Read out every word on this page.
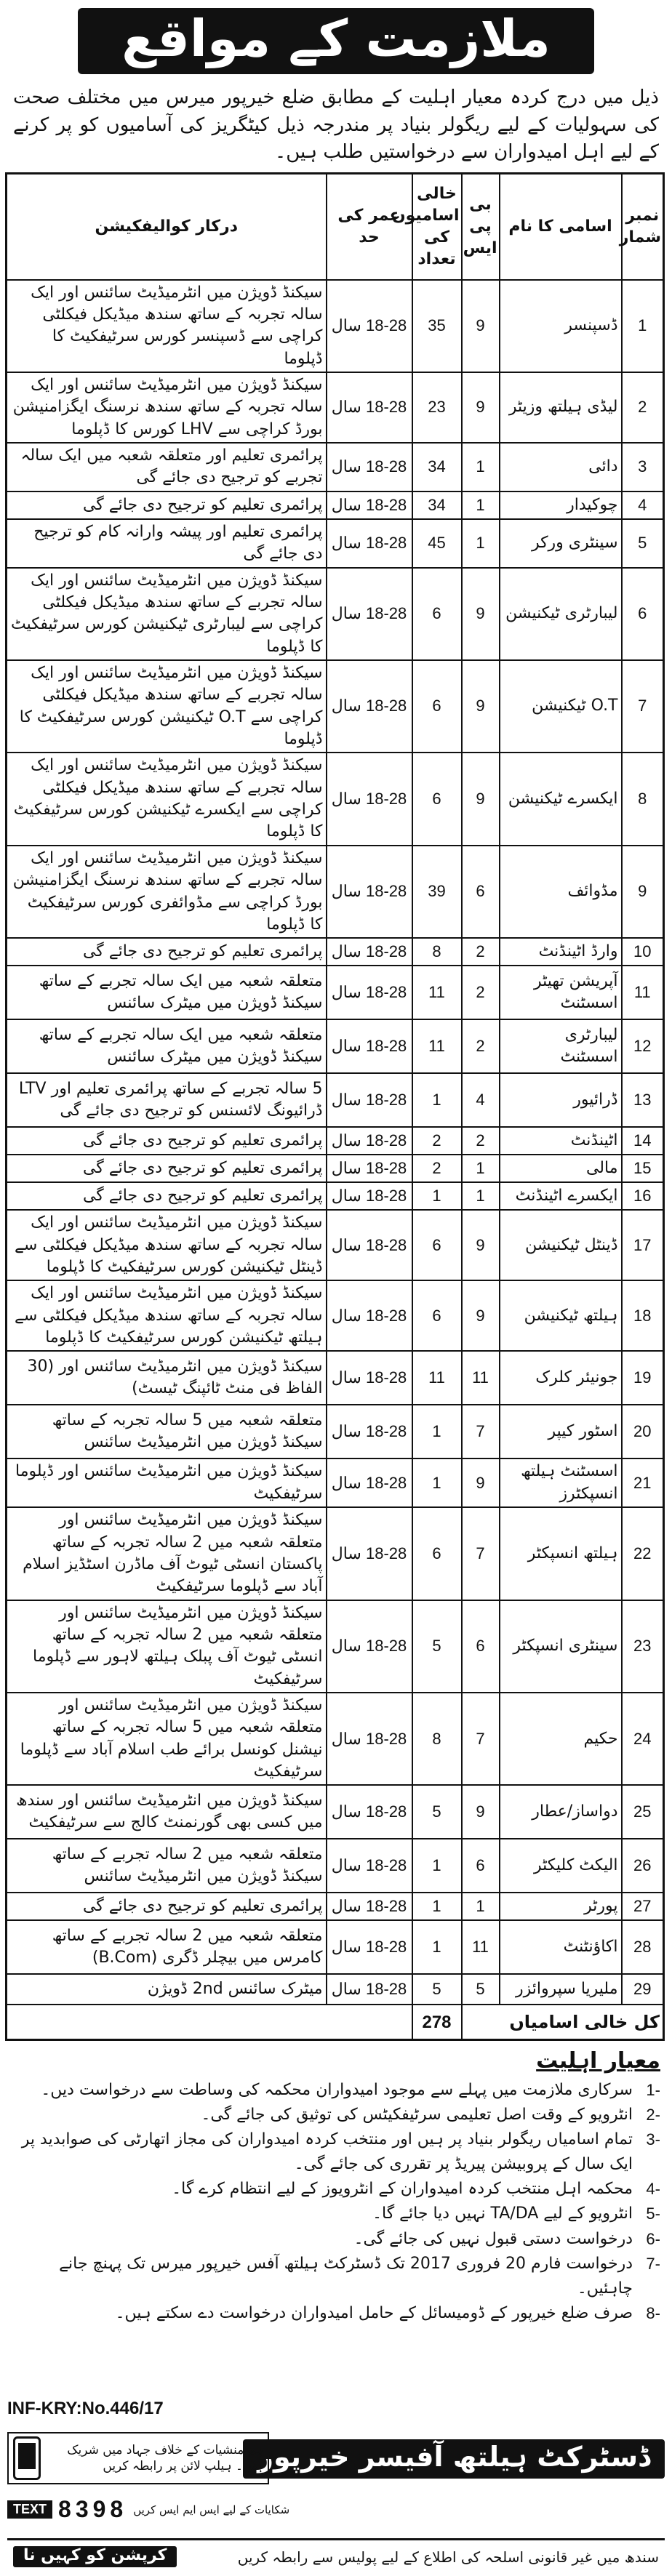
ملازمت کے مواقع

ذیل میں درج کردہ معیار اہلیت کے مطابق ضلع خیرپور میرس میں مختلف صحت کی سہولیات کے لیے ریگولر بنیاد پر مندرجہ ذیل کیٹگریز کی آسامیوں کو پر کرنے کے لیے اہل امیدواران سے درخواستیں طلب ہیں۔

نمبر شمار	اسامی کا نام	بی پی ایس	خالی اسامیوں کی تعداد	عمر کی حد	درکار کوالیفکیشن
1	ڈسپنسر	9	35	18-28 سال	سیکنڈ ڈویژن میں انٹرمیڈیٹ سائنس اور ایک سالہ تجربہ کے ساتھ سندھ میڈیکل فیکلٹی کراچی سے ڈسپنسر کورس سرٹیفکیٹ کا ڈپلوما
2	لیڈی ہیلتھ وزیٹر	9	23	18-28 سال	سیکنڈ ڈویژن میں انٹرمیڈیٹ سائنس اور ایک سالہ تجربہ کے ساتھ سندھ نرسنگ ایگزامنیشن بورڈ کراچی سے LHV کورس کا ڈپلوما
3	دائی	1	34	18-28 سال	پرائمری تعلیم اور متعلقہ شعبہ میں ایک سالہ تجربے کو ترجیح دی جائے گی
4	چوکیدار	1	34	18-28 سال	پرائمری تعلیم کو ترجیح دی جائے گی
5	سینٹری ورکر	1	45	18-28 سال	پرائمری تعلیم اور پیشہ وارانہ کام کو ترجیح دی جائے گی
6	لیبارٹری ٹیکنیشن	9	6	18-28 سال	سیکنڈ ڈویژن میں انٹرمیڈیٹ سائنس اور ایک سالہ تجربے کے ساتھ سندھ میڈیکل فیکلٹی کراچی سے لیبارٹری ٹیکنیشن کورس سرٹیفکیٹ کا ڈپلوما
7	O.T ٹیکنیشن	9	6	18-28 سال	سیکنڈ ڈویژن میں انٹرمیڈیٹ سائنس اور ایک سالہ تجربے کے ساتھ سندھ میڈیکل فیکلٹی کراچی سے O.T ٹیکنیشن کورس سرٹیفکیٹ کا ڈپلوما
8	ایکسرے ٹیکنیشن	9	6	18-28 سال	سیکنڈ ڈویژن میں انٹرمیڈیٹ سائنس اور ایک سالہ تجربے کے ساتھ سندھ میڈیکل فیکلٹی کراچی سے ایکسرے ٹیکنیشن کورس سرٹیفکیٹ کا ڈپلوما
9	مڈوائف	6	39	18-28 سال	سیکنڈ ڈویژن میں انٹرمیڈیٹ سائنس اور ایک سالہ تجربے کے ساتھ سندھ نرسنگ ایگزامنیشن بورڈ کراچی سے مڈوائفری کورس سرٹیفکیٹ کا ڈپلوما
10	وارڈ اٹینڈنٹ	2	8	18-28 سال	پرائمری تعلیم کو ترجیح دی جائے گی
11	آپریشن تھیٹر اسسٹنٹ	2	11	18-28 سال	متعلقہ شعبہ میں ایک سالہ تجربے کے ساتھ سیکنڈ ڈویژن میں میٹرک سائنس
12	لیبارٹری اسسٹنٹ	2	11	18-28 سال	متعلقہ شعبہ میں ایک سالہ تجربے کے ساتھ سیکنڈ ڈویژن میں میٹرک سائنس
13	ڈرائیور	4	1	18-28 سال	5 سالہ تجربے کے ساتھ پرائمری تعلیم اور LTV ڈرائیونگ لائسنس کو ترجیح دی جائے گی
14	اٹینڈنٹ	2	2	18-28 سال	پرائمری تعلیم کو ترجیح دی جائے گی
15	مالی	1	2	18-28 سال	پرائمری تعلیم کو ترجیح دی جائے گی
16	ایکسرے اٹینڈنٹ	1	1	18-28 سال	پرائمری تعلیم کو ترجیح دی جائے گی
17	ڈینٹل ٹیکنیشن	9	6	18-28 سال	سیکنڈ ڈویژن میں انٹرمیڈیٹ سائنس اور ایک سالہ تجربہ کے ساتھ سندھ میڈیکل فیکلٹی سے ڈینٹل ٹیکنیشن کورس سرٹیفکیٹ کا ڈپلوما
18	ہیلتھ ٹیکنیشن	9	6	18-28 سال	سیکنڈ ڈویژن میں انٹرمیڈیٹ سائنس اور ایک سالہ تجربہ کے ساتھ سندھ میڈیکل فیکلٹی سے ہیلتھ ٹیکنیشن کورس سرٹیفکیٹ کا ڈپلوما
19	جونیئر کلرک	11	11	18-28 سال	سیکنڈ ڈویژن میں انٹرمیڈیٹ سائنس اور (30 الفاظ فی منٹ ٹائپنگ ٹیسٹ)
20	اسٹور کیپر	7	1	18-28 سال	متعلقہ شعبہ میں 5 سالہ تجربہ کے ساتھ سیکنڈ ڈویژن میں انٹرمیڈیٹ سائنس
21	اسسٹنٹ ہیلتھ انسپکٹرز	9	1	18-28 سال	سیکنڈ ڈویژن میں انٹرمیڈیٹ سائنس اور ڈپلوما سرٹیفکیٹ
22	ہیلتھ انسپکٹر	7	6	18-28 سال	سیکنڈ ڈویژن میں انٹرمیڈیٹ سائنس اور متعلقہ شعبہ میں 2 سالہ تجربہ کے ساتھ پاکستان انسٹی ٹیوٹ آف ماڈرن اسٹڈیز اسلام آباد سے ڈپلوما سرٹیفکیٹ
23	سینٹری انسپکٹر	6	5	18-28 سال	سیکنڈ ڈویژن میں انٹرمیڈیٹ سائنس اور متعلقہ شعبہ میں 2 سالہ تجربہ کے ساتھ انسٹی ٹیوٹ آف پبلک ہیلتھ لاہور سے ڈپلوما سرٹیفکیٹ
24	حکیم	7	8	18-28 سال	سیکنڈ ڈویژن میں انٹرمیڈیٹ سائنس اور متعلقہ شعبہ میں 5 سالہ تجربہ کے ساتھ نیشنل کونسل برائے طب اسلام آباد سے ڈپلوما سرٹیفکیٹ
25	دواساز/عطار	9	5	18-28 سال	سیکنڈ ڈویژن میں انٹرمیڈیٹ سائنس اور سندھ میں کسی بھی گورنمنٹ کالج سے سرٹیفکیٹ
26	الیکٹ کلیکٹر	6	1	18-28 سال	متعلقہ شعبہ میں 2 سالہ تجربے کے ساتھ سیکنڈ ڈویژن میں انٹرمیڈیٹ سائنس
27	پورٹر	1	1	18-28 سال	پرائمری تعلیم کو ترجیح دی جائے گی
28	اکاؤنٹنٹ	11	1	18-28 سال	متعلقہ شعبہ میں 2 سالہ تجربے کے ساتھ کامرس میں بیچلر ڈگری (B.Com)
29	ملیریا سپروائزر	5	5	18-28 سال	میٹرک سائنس 2nd ڈویژن
کل خالی اسامیاں			278		
معیار اہلیت
-1
سرکاری ملازمت میں پہلے سے موجود امیدواران محکمہ کی وساطت سے درخواست دیں۔
-2
انٹرویو کے وقت اصل تعلیمی سرٹیفکیٹس کی توثیق کی جائے گی۔
-3
تمام اسامیاں ریگولر بنیاد پر ہیں اور منتخب کردہ امیدواران کی مجاز اتھارٹی کی صوابدید پر ایک سال کے پروبیشن پیریڈ پر تقرری کی جائے گی۔
-4
محکمہ اہل منتخب کردہ امیدواران کے انٹرویوز کے لیے انتظام کرے گا۔
-5
انٹرویو کے لیے TA/DA نہیں دیا جائے گا۔
-6
درخواست دستی قبول نہیں کی جائے گی۔
-7
درخواست فارم 20 فروری 2017 تک ڈسٹرکٹ ہیلتھ آفس خیرپور میرس تک پہنچ جانے چاہئیں۔
-8
صرف ضلع خیرپور کے ڈومیسائل کے حامل امیدواران درخواست دے سکتے ہیں۔
INF-KRY:No.446/17
ڈسٹرکٹ ہیلتھ آفیسر خیرپور
ہم منشیات کے خلاف جہاد میں شریک ہیں۔ ہیلپ لائن پر رابطہ کریں
TEXT 8398 شکایات کے لیے ایس ایم ایس کریں
سندھ میں غیر قانونی اسلحہ کی اطلاع کے لیے پولیس سے رابطہ کریں
کرپشن کو کہیں نا
